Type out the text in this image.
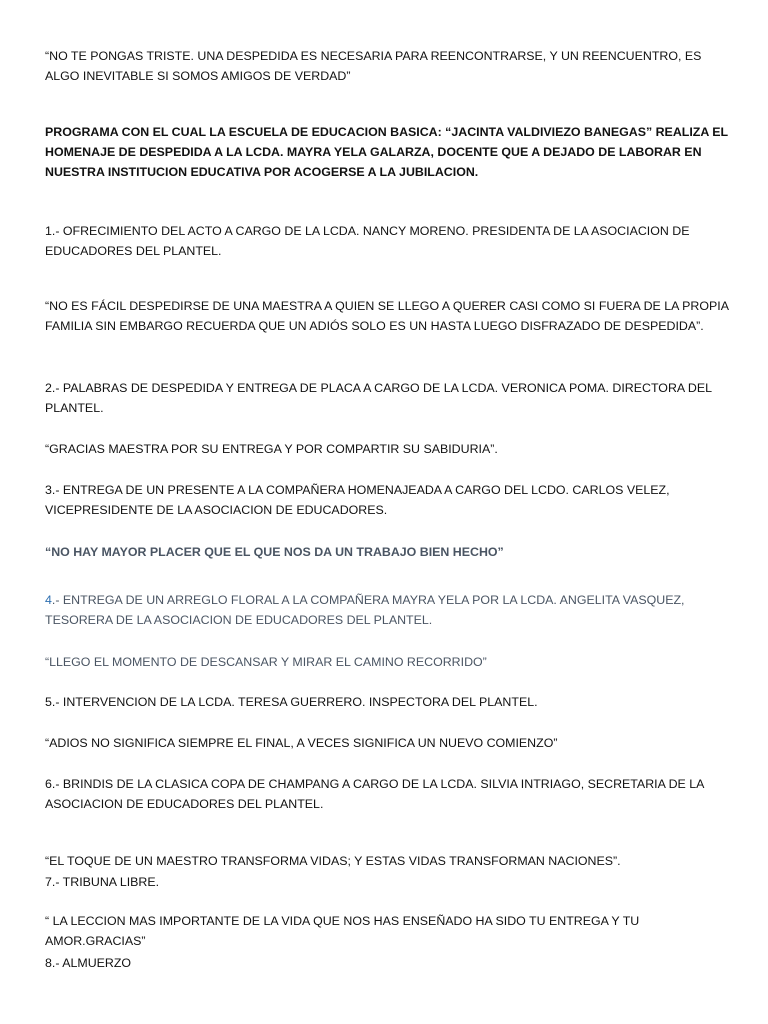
“NO TE PONGAS TRISTE. UNA DESPEDIDA ES NECESARIA PARA REENCONTRARSE, Y UN REENCUENTRO, ES ALGO INEVITABLE SI SOMOS AMIGOS DE VERDAD”

PROGRAMA CON EL CUAL LA ESCUELA DE EDUCACION BASICA: “JACINTA VALDIVIEZO BANEGAS” REALIZA EL HOMENAJE DE DESPEDIDA A LA LCDA. MAYRA YELA GALARZA, DOCENTE QUE A DEJADO DE LABORAR EN NUESTRA INSTITUCION EDUCATIVA POR ACOGERSE A LA JUBILACION.

1.- OFRECIMIENTO DEL ACTO A CARGO DE LA LCDA. NANCY MORENO. PRESIDENTA DE LA ASOCIACION DE EDUCADORES DEL PLANTEL.

“NO ES FÁCIL DESPEDIRSE DE UNA MAESTRA A QUIEN SE LLEGO A QUERER CASI COMO SI FUERA DE LA PROPIA FAMILIA SIN EMBARGO RECUERDA QUE UN ADIÓS SOLO ES UN HASTA LUEGO DISFRAZADO DE DESPEDIDA”.

2.- PALABRAS DE DESPEDIDA Y ENTREGA DE PLACA A CARGO DE LA LCDA. VERONICA POMA. DIRECTORA DEL PLANTEL.

“GRACIAS MAESTRA POR SU ENTREGA Y POR COMPARTIR SU SABIDURIA”.

3.- ENTREGA DE UN PRESENTE A LA COMPAÑERA HOMENAJEADA A CARGO DEL LCDO. CARLOS VELEZ, VICEPRESIDENTE DE LA ASOCIACION DE EDUCADORES.

“NO HAY MAYOR PLACER QUE EL QUE NOS DA UN TRABAJO BIEN HECHO”

4.- ENTREGA DE UN ARREGLO FLORAL A LA COMPAÑERA MAYRA YELA POR LA LCDA. ANGELITA VASQUEZ, TESORERA DE LA ASOCIACION DE EDUCADORES DEL PLANTEL.

“LLEGO EL MOMENTO DE DESCANSAR Y MIRAR EL CAMINO RECORRIDO”

5.- INTERVENCION DE LA LCDA. TERESA GUERRERO. INSPECTORA DEL PLANTEL.

“ADIOS NO SIGNIFICA SIEMPRE EL FINAL, A VECES SIGNIFICA UN NUEVO COMIENZO”

6.- BRINDIS DE LA CLASICA COPA DE CHAMPANG A CARGO DE LA LCDA. SILVIA INTRIAGO, SECRETARIA DE LA ASOCIACION DE EDUCADORES DEL PLANTEL.

“EL TOQUE DE UN MAESTRO TRANSFORMA VIDAS; Y ESTAS VIDAS TRANSFORMAN NACIONES”.

7.- TRIBUNA LIBRE.

“ LA LECCION MAS IMPORTANTE DE LA VIDA QUE NOS HAS ENSEÑADO HA SIDO TU ENTREGA Y TU AMOR.GRACIAS”

8.- ALMUERZO
